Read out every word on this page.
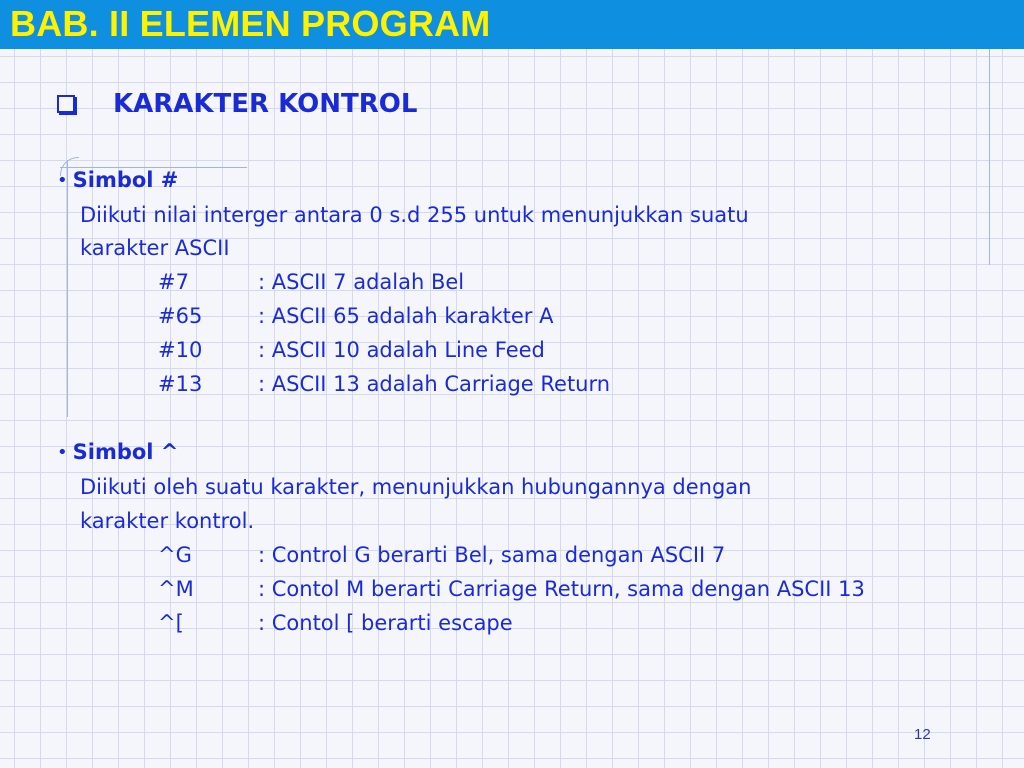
BAB. II ELEMEN PROGRAM
KARAKTER KONTROL
• Simbol #
Diikuti nilai interger antara 0 s.d 255 untuk menunjukkan suatu
karakter ASCII
#7	: ASCII 7 adalah Bel
#65	: ASCII 65 adalah karakter A
#10	: ASCII 10 adalah Line Feed
#13	: ASCII 13 adalah Carriage Return
• Simbol ^
Diikuti oleh suatu karakter, menunjukkan hubungannya dengan
karakter kontrol.
^G	: Control G berarti Bel, sama dengan ASCII 7
^M	: Contol M berarti Carriage Return, sama dengan ASCII 13
^[	: Contol [ berarti escape
12
